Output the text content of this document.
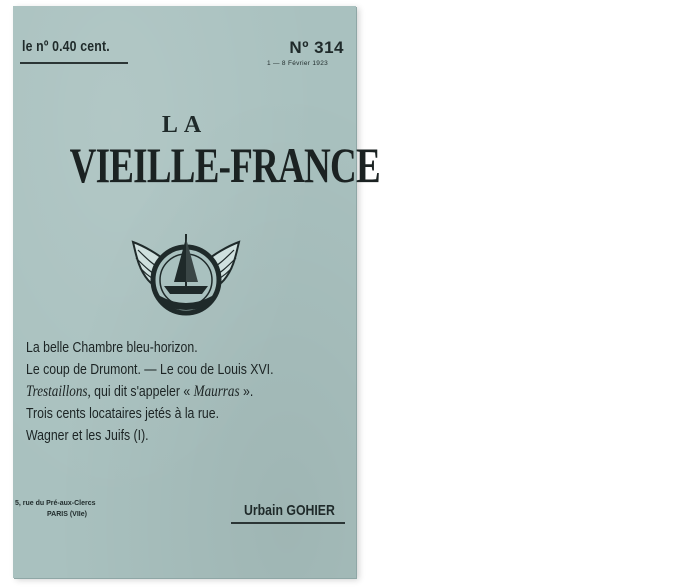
le nº 0.40 cent.	Nº 314
1 — 8 Février 1923
LA
VIEILLE-FRANCE
La belle Chambre bleu-horizon.
Le coup de Drumont. — Le cou de Louis XVI.
Trestaillons, qui dit s'appeler « Maurras ».
Trois cents locataires jetés à la rue.
Wagner et les Juifs (I).
5, rue du Pré-aux-Clercs
PARIS (VIIe)	Urbain GOHIER
